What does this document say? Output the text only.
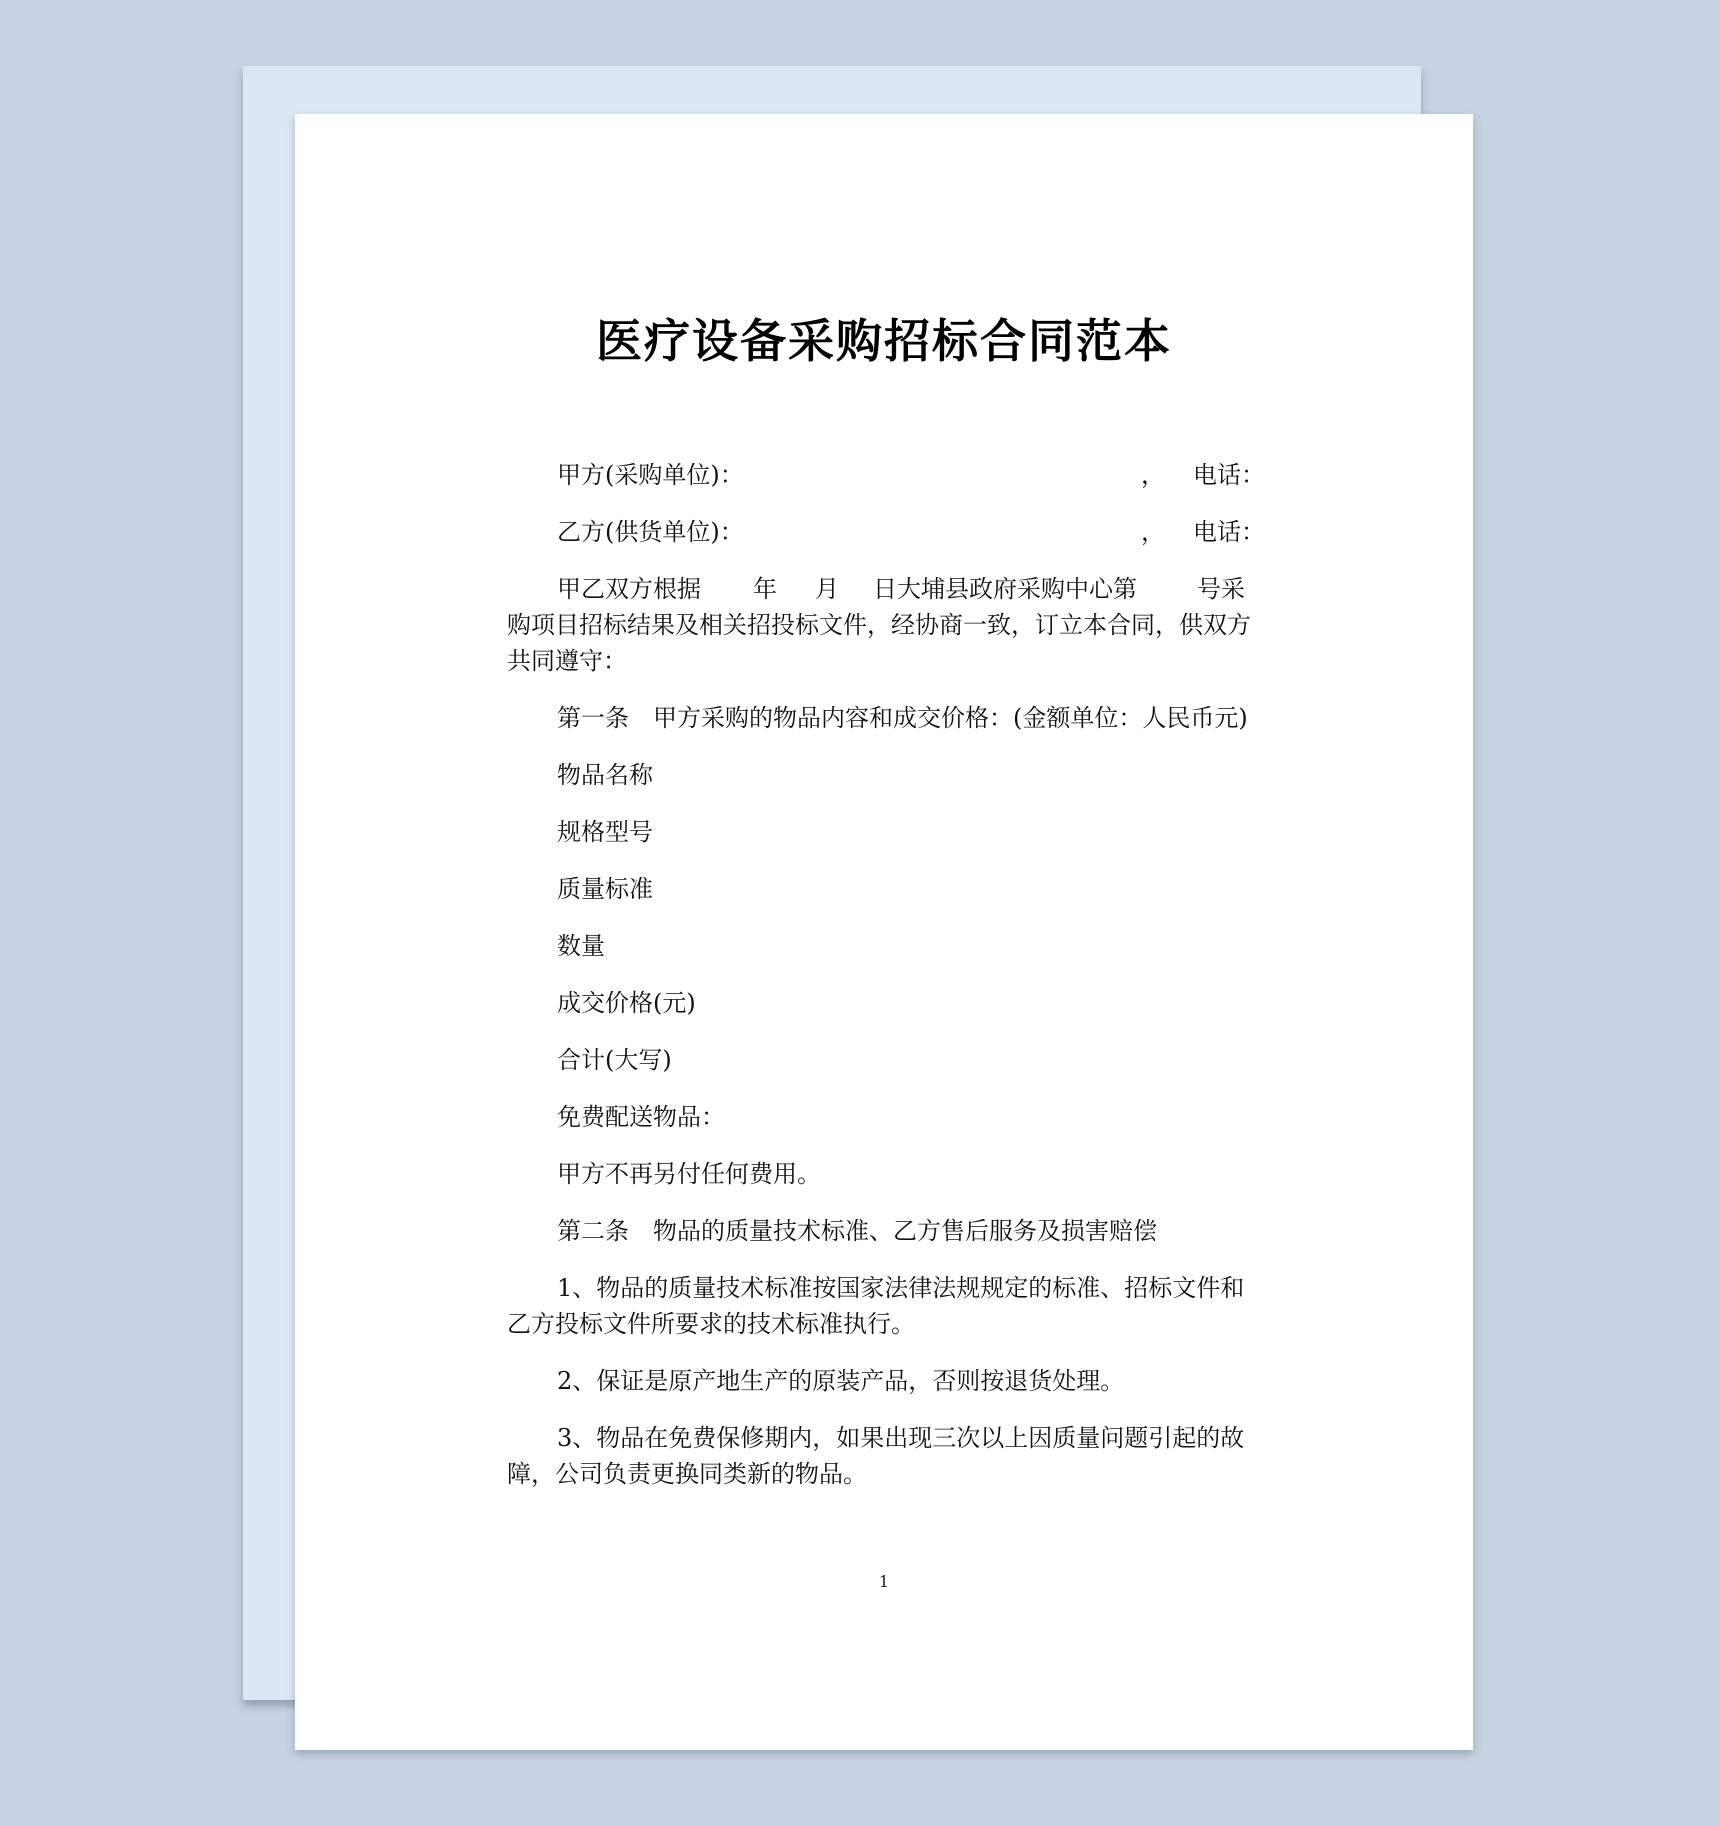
医疗设备采购招标合同范本
甲方(采购单位)：	，	电话：
乙方(供货单位)：	，	电话：

甲乙双方根据 年 月 日大埔县政府采购中心第	号采购项目招标结果及相关招投标文件，经协商一致，订立本合同，供双方共同遵守：

第一条　甲方采购的物品内容和成交价格：(金额单位：人民币元)

物品名称

规格型号

质量标准

数量

成交价格(元)

合计(大写)

免费配送物品：

甲方不再另付任何费用。

第二条　物品的质量技术标准、乙方售后服务及损害赔偿

1、物品的质量技术标准按国家法律法规规定的标准、招标文件和乙方投标文件所要求的技术标准执行。

2、保证是原产地生产的原装产品，否则按退货处理。

3、物品在免费保修期内，如果出现三次以上因质量问题引起的故障，公司负责更换同类新的物品。

1
